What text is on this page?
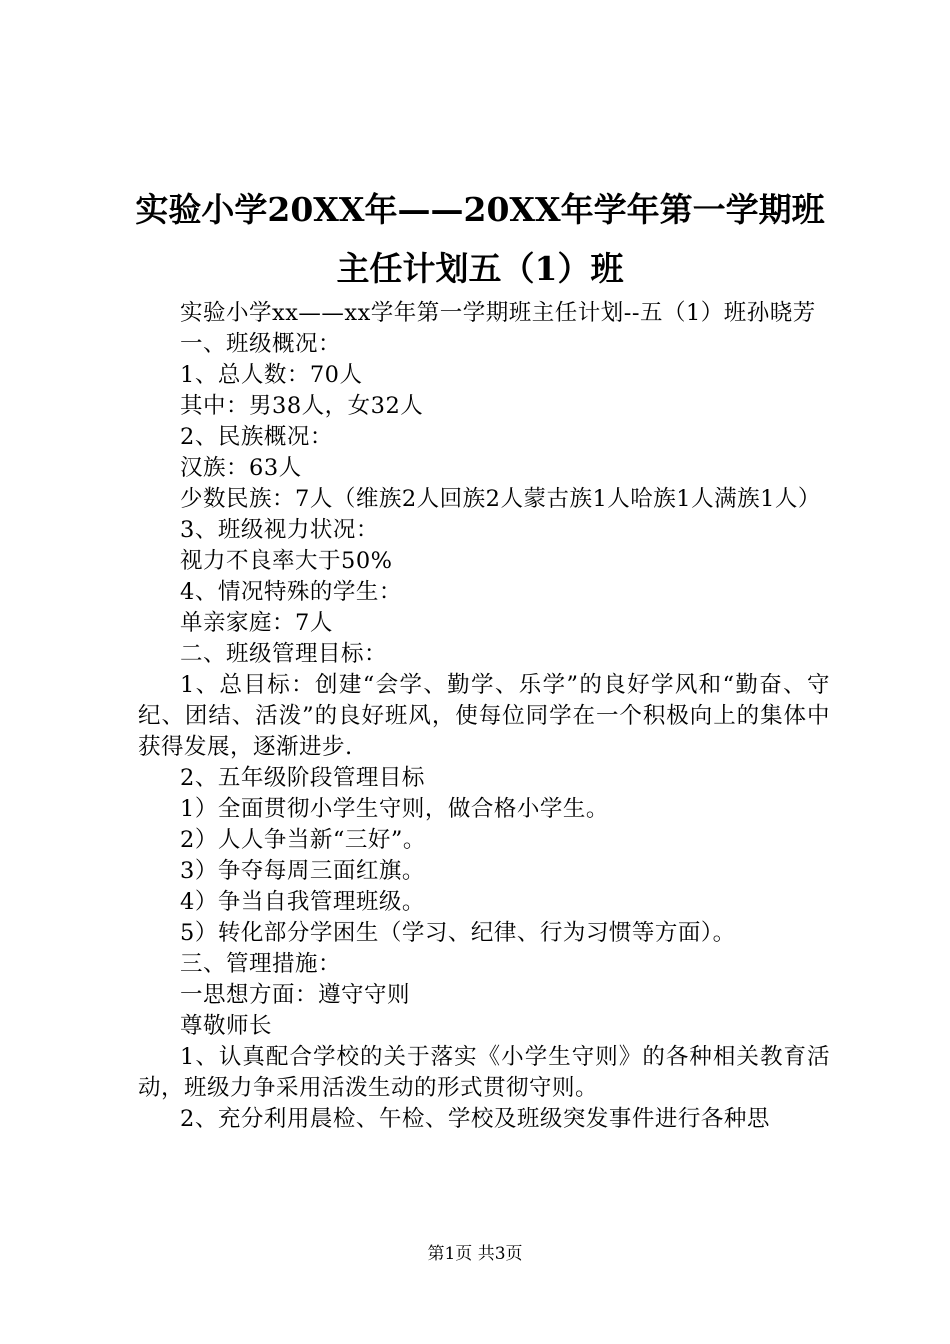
实验小学20XX年——20XX年学年第一学期班
主任计划五（1）班

实验小学xx——xx学年第一学期班主任计划--五（1）班孙晓芳

一、班级概况：

1、总人数：70人

其中：男38人，女32人

2、民族概况：

汉族：63人

少数民族：7人（维族2人回族2人蒙古族1人哈族1人满族1人）

3、班级视力状况：

视力不良率大于50%

4、情况特殊的学生：

单亲家庭：7人

二、班级管理目标：

1、总目标：创建“会学、勤学、乐学”的良好学风和“勤奋、守纪、团结、活泼”的良好班风，使每位同学在一个积极向上的集体中获得发展，逐渐进步.

2、五年级阶段管理目标

1）全面贯彻小学生守则，做合格小学生。

2）人人争当新“三好”。

3）争夺每周三面红旗。

4）争当自我管理班级。

5）转化部分学困生（学习、纪律、行为习惯等方面）。

三、管理措施：

一思想方面：遵守守则

尊敬师长

1、认真配合学校的关于落实《小学生守则》的各种相关教育活动，班级力争采用活泼生动的形式贯彻守则。

2、充分利用晨检、午检、学校及班级突发事件进行各种思

第1页 共3页
